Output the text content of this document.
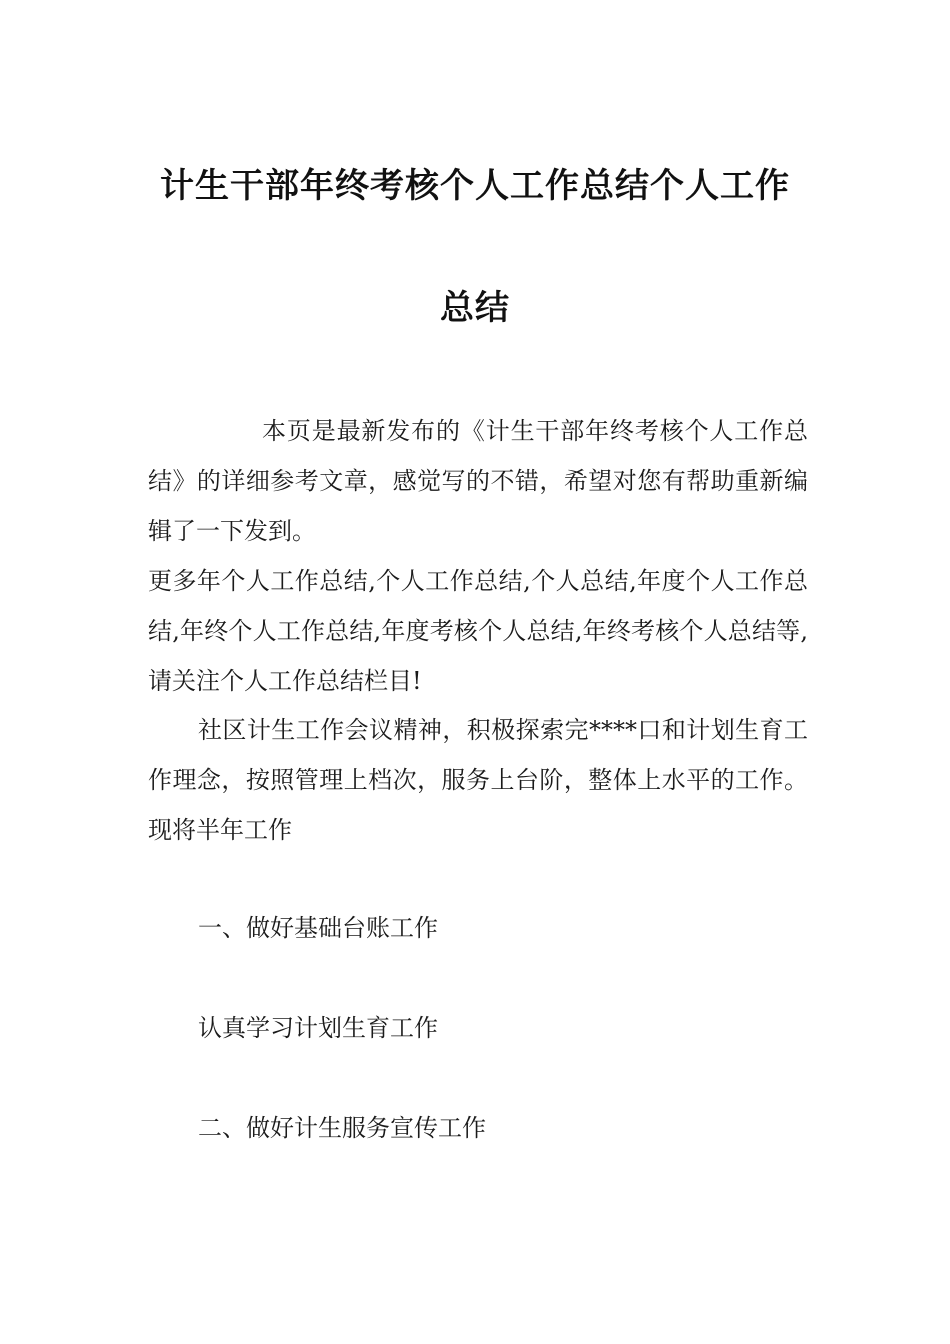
计生干部年终考核个人工作总结个人工作
总结
本页是最新发布的《计生干部年终考核个人工作总结》的详细参考文章，感觉写的不错，希望对您有帮助重新编辑了一下发到。
更多年个人工作总结,个人工作总结,个人总结,年度个人工作总结,年终个人工作总结,年度考核个人总结,年终考核个人总结等,请关注个人工作总结栏目!
社区计生工作会议精神，积极探索完****口和计划生育工作理念，按照管理上档次，服务上台阶，整体上水平的工作。现将半年工作
一、做好基础台账工作
认真学习计划生育工作
二、做好计生服务宣传工作
